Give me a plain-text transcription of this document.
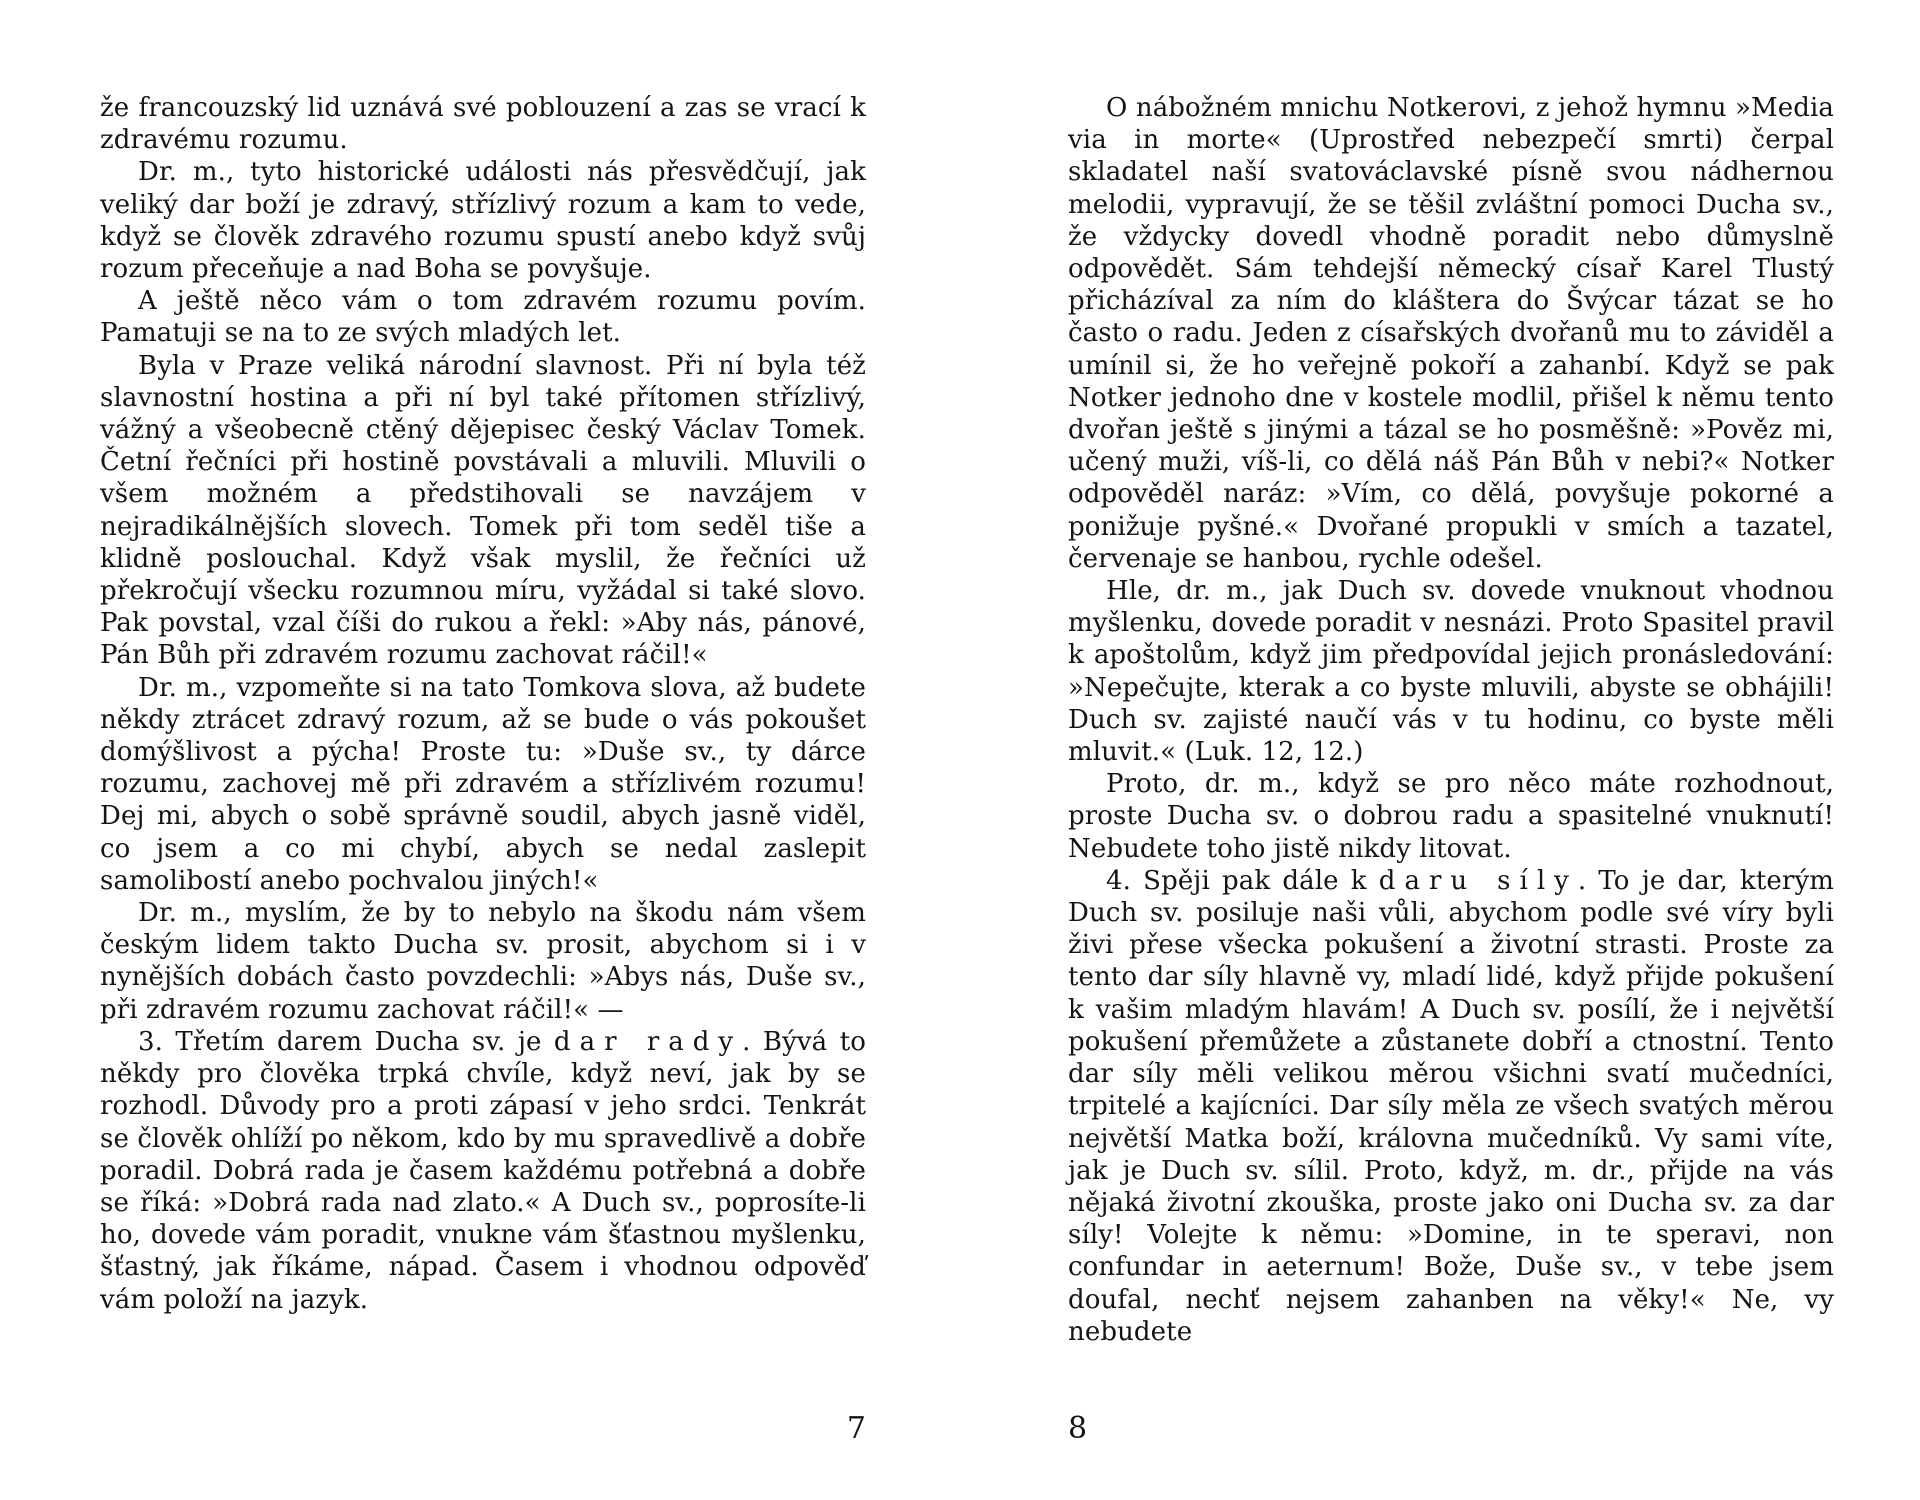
že francouzský lid uznává své poblouzení a zas se vrací k zdravému rozumu.

Dr. m., tyto historické události nás přesvědčují, jak veliký dar boží je zdravý, střízlivý rozum a kam to vede, když se člověk zdravého rozumu spustí anebo když svůj rozum přeceňuje a nad Boha se povyšuje.

A ještě něco vám o tom zdravém rozumu povím. Pamatuji se na to ze svých mladých let.

Byla v Praze veliká národní slavnost. Při ní byla též slavnostní hostina a při ní byl také přítomen střízlivý, vážný a všeobecně ctěný dějepisec český Václav Tomek. Četní řečníci při hostině povstávali a mluvili. Mluvili o všem možném a předstihovali se navzájem v nejradikálnějších slovech. Tomek při tom seděl tiše a klidně poslouchal. Když však myslil, že řečníci už překročují všecku rozumnou míru, vyžádal si také slovo. Pak povstal, vzal číši do rukou a řekl: »Aby nás, pánové, Pán Bůh při zdravém rozumu zachovat ráčil!«

Dr. m., vzpomeňte si na tato Tomkova slova, až budete někdy ztrácet zdravý rozum, až se bude o vás pokoušet domýšlivost a pýcha! Proste tu: »Duše sv., ty dárce rozumu, zachovej mě při zdravém a střízlivém rozumu! Dej mi, abych o sobě správně soudil, abych jasně viděl, co jsem a co mi chybí, abych se nedal zaslepit samolibostí anebo pochvalou jiných!«

Dr. m., myslím, že by to nebylo na škodu nám všem českým lidem takto Ducha sv. prosit, abychom si i v nynějších dobách často povzdechli: »Abys nás, Duše sv., při zdravém rozumu zachovat ráčil!« —

3. Třetím darem Ducha sv. je dar rady. Bývá to někdy pro člověka trpká chvíle, když neví, jak by se rozhodl. Důvody pro a proti zápasí v jeho srdci. Tenkrát se člověk ohlíží po někom, kdo by mu spravedlivě a dobře poradil. Dobrá rada je časem každému potřebná a dobře se říká: »Dobrá rada nad zlato.« A Duch sv., poprosíte-li ho, dovede vám poradit, vnukne vám šťastnou myšlenku, šťastný, jak říkáme, nápad. Časem i vhodnou odpověď vám položí na jazyk.

7

O nábožném mnichu Notkerovi, z jehož hymnu »Media via in morte« (Uprostřed nebezpečí smrti) čerpal skladatel naší svatováclavské písně svou nádhernou melodii, vypravují, že se těšil zvláštní pomoci Ducha sv., že vždycky dovedl vhodně poradit nebo důmyslně odpovědět. Sám tehdejší německý císař Karel Tlustý přicházíval za ním do kláštera do Švýcar tázat se ho často o radu. Jeden z císařských dvořanů mu to záviděl a umínil si, že ho veřejně pokoří a zahanbí. Když se pak Notker jednoho dne v kostele modlil, přišel k němu tento dvořan ještě s jinými a tázal se ho posměšně: »Pověz mi, učený muži, víš-li, co dělá náš Pán Bůh v nebi?« Notker odpověděl naráz: »Vím, co dělá, povyšuje pokorné a ponižuje pyšné.« Dvořané propukli v smích a tazatel, červenaje se hanbou, rychle odešel.

Hle, dr. m., jak Duch sv. dovede vnuknout vhodnou myšlenku, dovede poradit v nesnázi. Proto Spasitel pravil k apoštolům, když jim předpovídal jejich pronásledování: »Nepečujte, kterak a co byste mluvili, abyste se obhájili! Duch sv. zajisté naučí vás v tu hodinu, co byste měli mluvit.« (Luk. 12, 12.)

Proto, dr. m., když se pro něco máte rozhodnout, proste Ducha sv. o dobrou radu a spasitelné vnuknutí! Nebudete toho jistě nikdy litovat.

4. Spěji pak dále k daru síly. To je dar, kterým Duch sv. posiluje naši vůli, abychom podle své víry byli živi přese všecka pokušení a životní strasti. Proste za tento dar síly hlavně vy, mladí lidé, když přijde pokušení k vašim mladým hlavám! A Duch sv. posílí, že i největší pokušení přemůžete a zůstanete dobří a ctnostní. Tento dar síly měli velikou měrou všichni svatí mučedníci, trpitelé a kajícníci. Dar síly měla ze všech svatých měrou největší Matka boží, královna mučedníků. Vy sami víte, jak je Duch sv. sílil. Proto, když, m. dr., přijde na vás nějaká životní zkouška, proste jako oni Ducha sv. za dar síly! Volejte k němu: »Domine, in te speravi, non confundar in aeternum! Bože, Duše sv., v tebe jsem doufal, nechť nejsem zahanben na věky!« Ne, vy nebudete

8
